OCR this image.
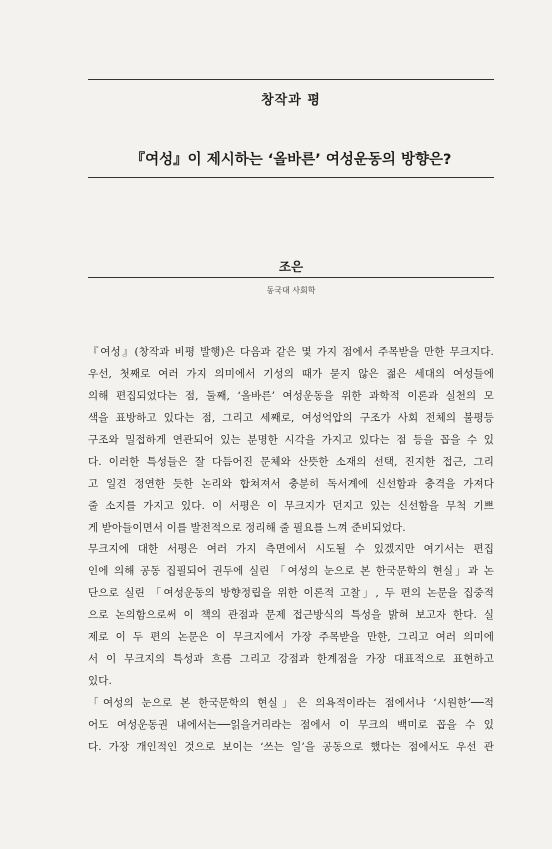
창작과 평
『여성』이 제시하는 ‘올바른’ 여성운동의 방향은?
조은
동국대 사회학
『여성』(창작과 비평 발행)은 다음과 같은 몇 가지 점에서 주목받을 만한 무크지다.
우선, 첫째로 여러 가지 의미에서 기성의 때가 묻지 않은 젊은 세대의 여성들에
의해 편집되었다는 점, 둘째, ‘올바른’ 여성운동을 위한 과학적 이론과 실천의 모
색을 표방하고 있다는 점, 그리고 세째로, 여성억압의 구조가 사회 전체의 불평등
구조와 밀접하게 연관되어 있는 분명한 시각을 가지고 있다는 점 등을 꼽을 수 있
다. 이러한 특성들은 잘 다듬어진 문체와 산뜻한 소재의 선택, 진지한 접근, 그리
고 일견 정연한 듯한 논리와 합쳐져서 충분히 독서계에 신선함과 충격을 가져다
줄 소지를 가지고 있다. 이 서평은 이 무크지가 던지고 있는 신선함을 무척 기쁘
게 받아들이면서 이를 발전적으로 정리해 줄 필요를 느껴 준비되었다.
무크지에 대한 서평은 여러 가지 측면에서 시도될 수 있겠지만 여기서는 편집
인에 의해 공동 집필되어 권두에 실린 「여성의 눈으로 본 한국문학의 현실」과 논
단으로 실린 「여성운동의 방향정립을 위한 이론적 고찰」, 두 편의 논문을 집중적
으로 논의함으로써 이 책의 관점과 문제 접근방식의 특성을 밝혀 보고자 한다. 실
제로 이 두 편의 논문은 이 무크지에서 가장 주목받을 만한, 그리고 여러 의미에
서 이 무크지의 특성과 흐름 그리고 강점과 한계점을 가장 대표적으로 표현하고
있다.
「여성의 눈으로 본 한국문학의 현실」은 의욕적이라는 점에서나 ‘시원한’──적
어도 여성운동권 내에서는──읽을거리라는 점에서 이 무크의 백미로 꼽을 수 있
다. 가장 개인적인 것으로 보이는 ‘쓰는 일’을 공동으로 했다는 점에서도 우선 관
